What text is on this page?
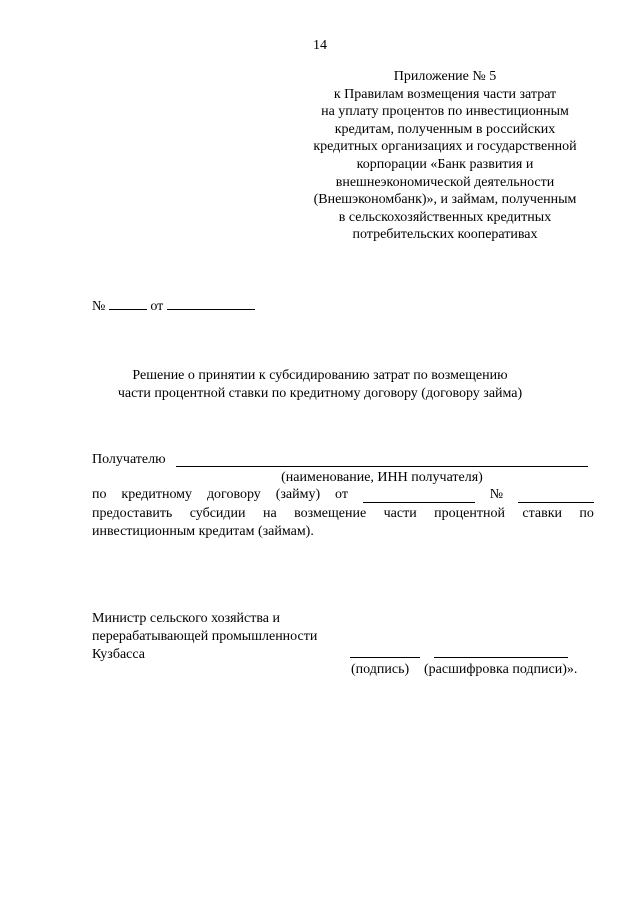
14
Приложение № 5
к Правилам возмещения части затрат
на уплату процентов по инвестиционным
кредитам, полученным в российских
кредитных организациях и государственной
корпорации «Банк развития и
внешнеэкономической деятельности
(Внешэкономбанк)», и займам, полученным
в сельскохозяйственных кредитных
потребительских кооперативах
№	от
Решение о принятии к субсидированию затрат по возмещению
части процентной ставки по кредитному договору (договору займа)
Получателю
(наименование, ИНН получателя)
по кредитному договору (займу) от	№
предоставить субсидии на возмещение части процентной ставки по
инвестиционным кредитам (займам).
Министр сельского хозяйства и
перерабатывающей промышленности
Кузбасса
(подпись) (расшифровка подписи)».
